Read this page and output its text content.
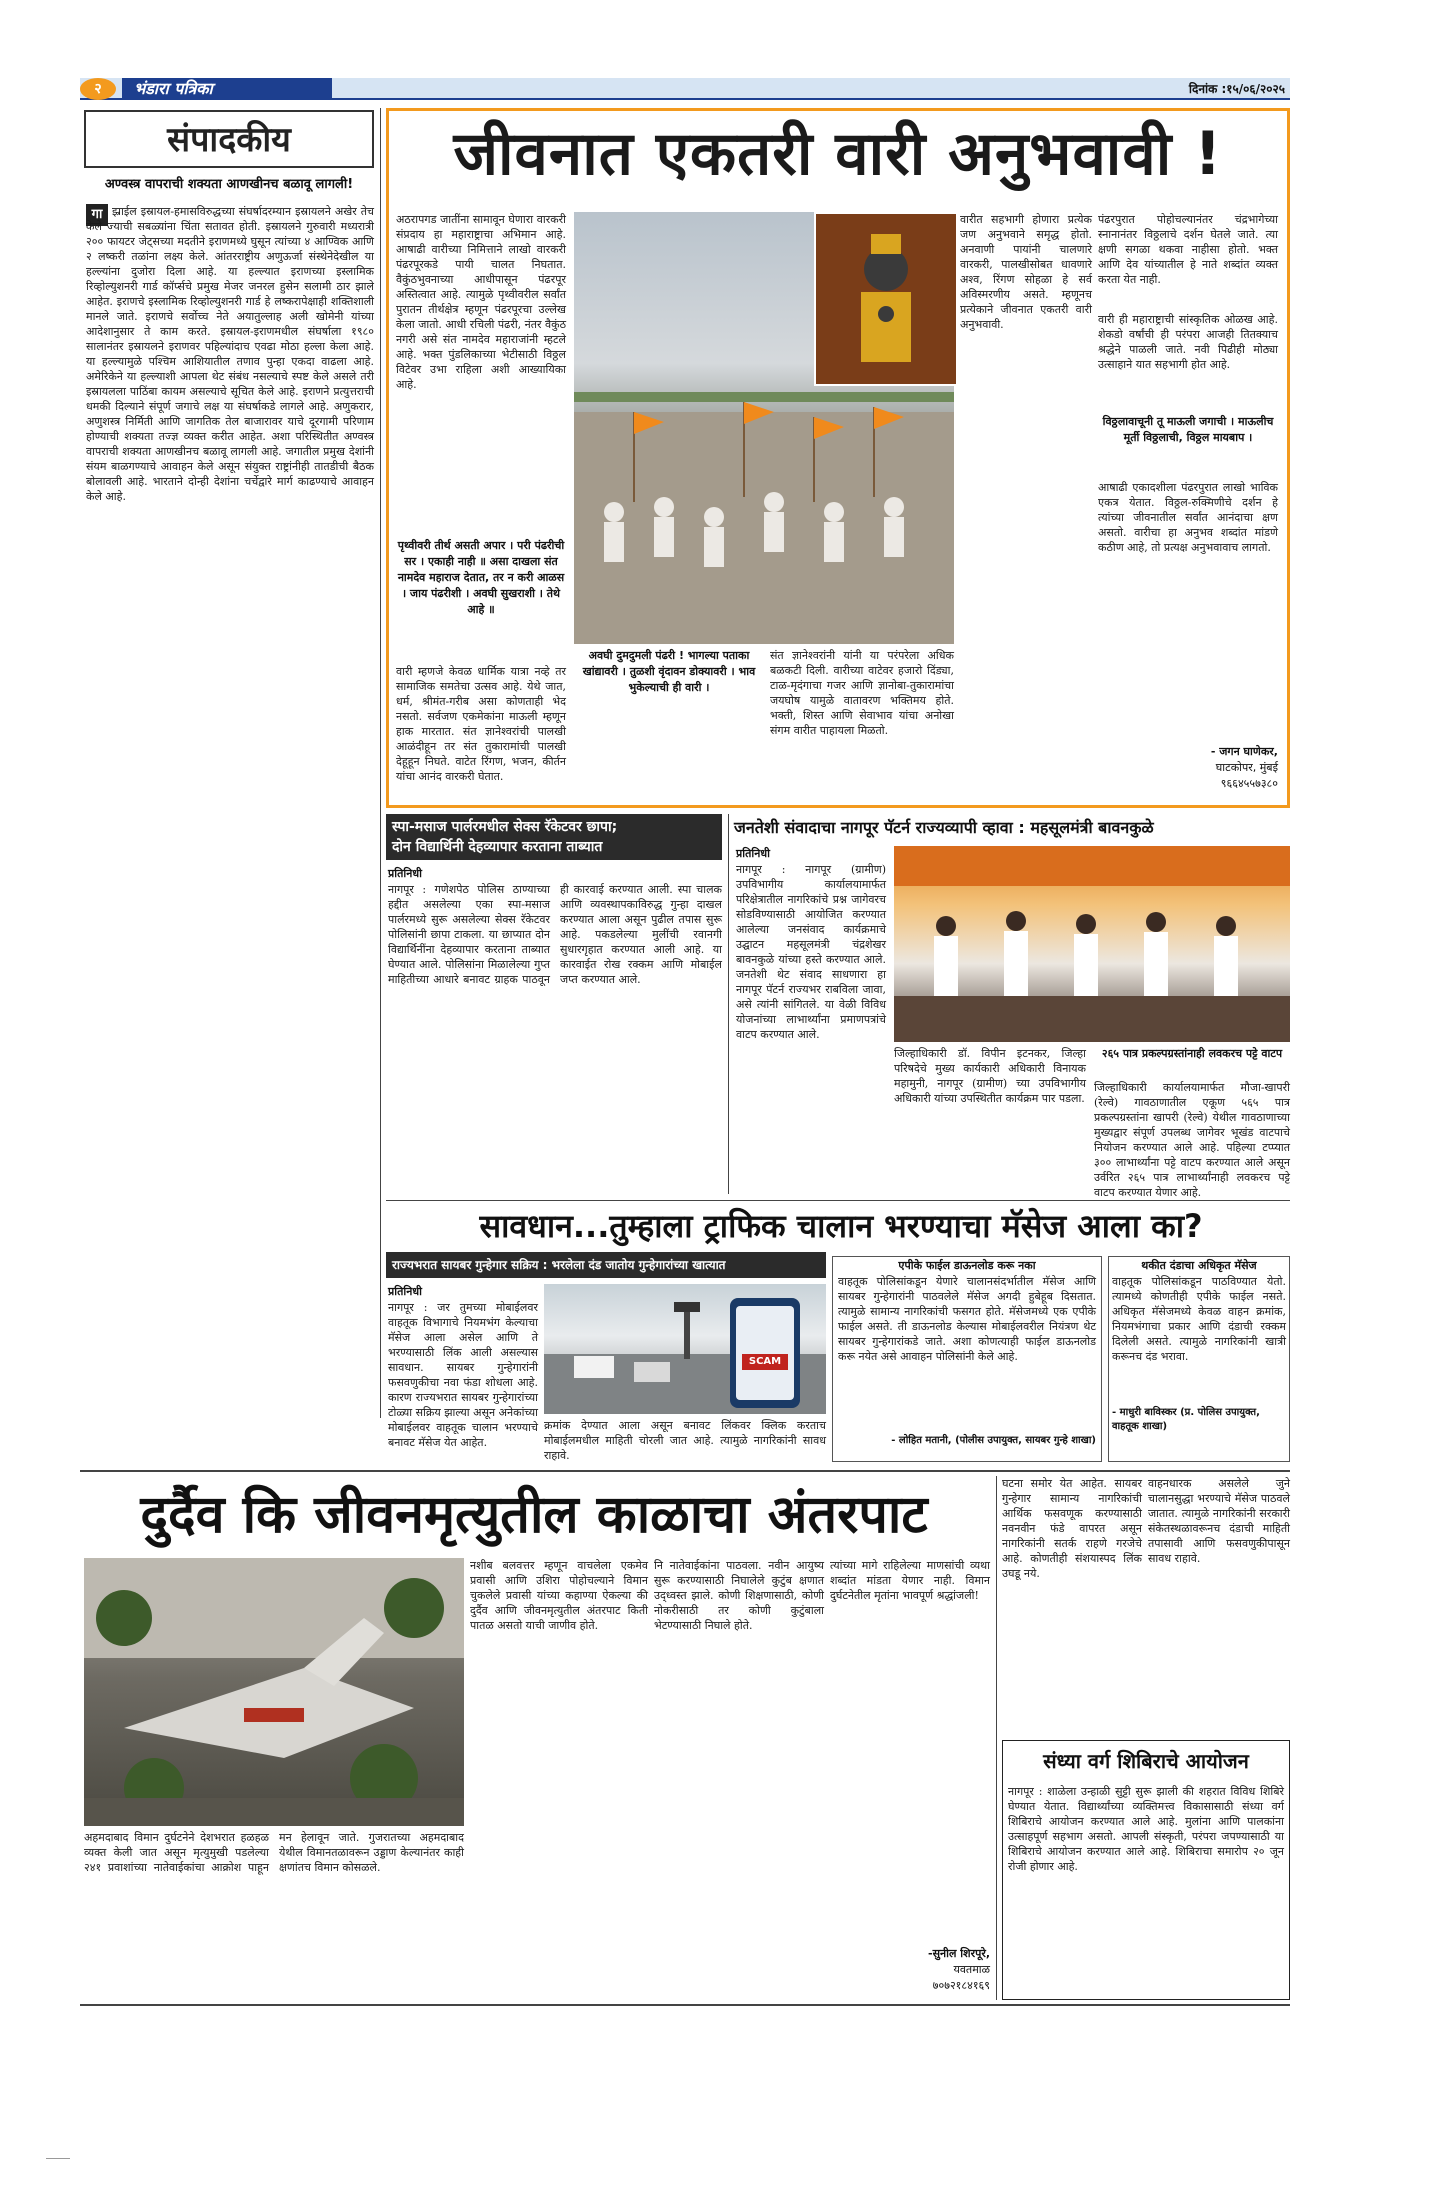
२	भंडारा पत्रिका	दिनांक :१५/०६/२०२५
संपादकीय
अण्वस्त्र वापराची शक्यता आणखीनच बळावू लागली!
गा झ्राईल इस्रायल-हमासविरुद्धच्या संघर्षादरम्यान इस्रायलने अखेर तेच केले ज्याची सबळ्यांना चिंता सतावत होती. इस्रायलने गुरुवारी मध्यरात्री २०० फायटर जेट्सच्या मदतीने इराणमध्ये घुसून त्यांच्या ४ आण्विक आणि २ लष्करी तळांना लक्ष्य केले. आंतरराष्ट्रीय अणुऊर्जा संस्थेनेदेखील या हल्ल्यांना दुजोरा दिला आहे. या हल्ल्यात इराणच्या इस्लामिक रिव्होल्युशनरी गार्ड कॉर्प्सचे प्रमुख मेजर जनरल हुसेन सलामी ठार झाले आहेत. इराणचे इस्लामिक रिव्होल्युशनरी गार्ड हे लष्करापेक्षाही शक्तिशाली मानले जाते. इराणचे सर्वोच्च नेते अयातुल्लाह अली खोमेनी यांच्या आदेशानुसार ते काम करते. इस्रायल-इराणमधील संघर्षाला १९८० सालानंतर इस्रायलने इराणवर पहिल्यांदाच एवढा मोठा हल्ला केला आहे. या हल्ल्यामुळे पश्चिम आशियातील तणाव पुन्हा एकदा वाढला आहे. अमेरिकेने या हल्ल्याशी आपला थेट संबंध नसल्याचे स्पष्ट केले असले तरी इस्रायलला पाठिंबा कायम असल्याचे सूचित केले आहे. इराणने प्रत्युत्तराची धमकी दिल्याने संपूर्ण जगाचे लक्ष या संघर्षाकडे लागले आहे. अणुकरार, अणुशस्त्र निर्मिती आणि जागतिक तेल बाजारावर याचे दूरगामी परिणाम होण्याची शक्यता तज्ज्ञ व्यक्त करीत आहेत. अशा परिस्थितीत अण्वस्त्र वापराची शक्यता आणखीनच बळावू लागली आहे. जगातील प्रमुख देशांनी संयम बाळगण्याचे आवाहन केले असून संयुक्त राष्ट्रांनीही तातडीची बैठक बोलावली आहे. भारताने दोन्ही देशांना चर्चेद्वारे मार्ग काढण्याचे आवाहन केले आहे.
जीवनात एकतरी वारी अनुभवावी !
अठरापगड जातींना सामावून घेणारा वारकरी संप्रदाय हा महाराष्ट्राचा अभिमान आहे. आषाढी वारीच्या निमित्ताने लाखो वारकरी पंढरपूरकडे पायी चालत निघतात. वैकुंठभुवनाच्या आधीपासून पंढरपूर अस्तित्वात आहे. त्यामुळे पृथ्वीवरील सर्वांत पुरातन तीर्थक्षेत्र म्हणून पंढरपूरचा उल्लेख केला जातो. आधी रचिली पंढरी, नंतर वैकुंठ नगरी असे संत नामदेव महाराजांनी म्हटले आहे. भक्त पुंडलिकाच्या भेटीसाठी विठ्ठल विटेवर उभा राहिला अशी आख्यायिका आहे.
अवघी दुमदुमली पंढरी ! भागल्या पताका खांद्यावरी । तुळशी वृंदावन डोक्यावरी । भाव भुकेल्याची ही वारी ।
पृथ्वीवरी तीर्थ असती अपार । परी पंढरीची सर । एकाही नाही ॥ असा दाखला संत नामदेव महाराज देतात, तर न करी आळस । जाय पंढरीशी । अवघी सुखराशी । तेथे आहे ॥
वारी म्हणजे केवळ धार्मिक यात्रा नव्हे तर सामाजिक समतेचा उत्सव आहे. येथे जात, धर्म, श्रीमंत-गरीब असा कोणताही भेद नसतो. सर्वजण एकमेकांना माऊली म्हणून हाक मारतात. संत ज्ञानेश्वरांची पालखी आळंदीहून तर संत तुकारामांची पालखी देहूहून निघते. वाटेत रिंगण, भजन, कीर्तन यांचा आनंद वारकरी घेतात.
संत ज्ञानेश्वरांनी यांनी या परंपरेला अधिक बळकटी दिली. वारीच्या वाटेवर हजारो दिंड्या, टाळ-मृदंगाचा गजर आणि ज्ञानोबा-तुकारामांचा जयघोष यामुळे वातावरण भक्तिमय होते. भक्ती, शिस्त आणि सेवाभाव यांचा अनोखा संगम वारीत पाहायला मिळतो.
वारीत सहभागी होणारा प्रत्येक जण अनुभवाने समृद्ध होतो. अनवाणी पायांनी चालणारे वारकरी, पालखीसोबत धावणारे अश्व, रिंगण सोहळा हे सर्व अविस्मरणीय असते. म्हणूनच प्रत्येकाने जीवनात एकतरी वारी अनुभवावी.
पंढरपुरात पोहोचल्यानंतर चंद्रभागेच्या स्नानानंतर विठ्ठलाचे दर्शन घेतले जाते. त्या क्षणी सगळा थकवा नाहीसा होतो. भक्त आणि देव यांच्यातील हे नाते शब्दांत व्यक्त करता येत नाही.
वारी ही महाराष्ट्राची सांस्कृतिक ओळख आहे. शेकडो वर्षांची ही परंपरा आजही तितक्याच श्रद्धेने पाळली जाते. नवी पिढीही मोठ्या उत्साहाने यात सहभागी होत आहे.
विठ्ठलावाचूनी तू माऊली जगाची । माऊलीच मूर्ती विठ्ठलाची, विठ्ठल मायबाप ।
आषाढी एकादशीला पंढरपुरात लाखो भाविक एकत्र येतात. विठ्ठल-रुक्मिणीचे दर्शन हे त्यांच्या जीवनातील सर्वांत आनंदाचा क्षण असतो. वारीचा हा अनुभव शब्दांत मांडणे कठीण आहे, तो प्रत्यक्ष अनुभवावाच लागतो.
- जगन घाणेकर,
घाटकोपर, मुंबई
९६६४५५७३८०
स्पा-मसाज पार्लरमधील सेक्स रॅकेटवर छापा;
दोन विद्यार्थिनी देहव्यापार करताना ताब्यात
प्रतिनिधी
नागपूर : गणेशपेठ पोलिस ठाण्याच्या हद्दीत असलेल्या एका स्पा-मसाज पार्लरमध्ये सुरू असलेल्या सेक्स रॅकेटवर पोलिसांनी छापा टाकला. या छाप्यात दोन विद्यार्थिनींना देहव्यापार करताना ताब्यात घेण्यात आले. पोलिसांना मिळालेल्या गुप्त माहितीच्या आधारे बनावट ग्राहक पाठवून ही कारवाई करण्यात आली. स्पा चालक आणि व्यवस्थापकाविरुद्ध गुन्हा दाखल करण्यात आला असून पुढील तपास सुरू आहे. पकडलेल्या मुलींची रवानगी सुधारगृहात करण्यात आली आहे. या कारवाईत रोख रक्कम आणि मोबाईल जप्त करण्यात आले.
जनतेशी संवादाचा नागपूर पॅटर्न राज्यव्यापी व्हावा : महसूलमंत्री बावनकुळे
प्रतिनिधी
नागपूर : नागपूर (ग्रामीण) उपविभागीय कार्यालयामार्फत परिक्षेत्रातील नागरिकांचे प्रश्न जागेवरच सोडविण्यासाठी आयोजित करण्यात आलेल्या जनसंवाद कार्यक्रमाचे उद्घाटन महसूलमंत्री चंद्रशेखर बावनकुळे यांच्या हस्ते करण्यात आले. जनतेशी थेट संवाद साधणारा हा नागपूर पॅटर्न राज्यभर राबविला जावा, असे त्यांनी सांगितले. या वेळी विविध योजनांच्या लाभार्थ्यांना प्रमाणपत्रांचे वाटप करण्यात आले.
जिल्हाधिकारी डॉ. विपीन इटनकर, जिल्हा परिषदेचे मुख्य कार्यकारी अधिकारी विनायक महामुनी, नागपूर (ग्रामीण) च्या उपविभागीय अधिकारी यांच्या उपस्थितीत कार्यक्रम पार पडला.
२६५ पात्र प्रकल्पग्रस्तांनाही लवकरच पट्टे वाटप
जिल्हाधिकारी कार्यालयामार्फत मौजा-खापरी (रेल्वे) गावठाणातील एकूण ५६५ पात्र प्रकल्पग्रस्तांना खापरी (रेल्वे) येथील गावठाणाच्या मुख्यद्वार संपूर्ण उपलब्ध जागेवर भूखंड वाटपाचे नियोजन करण्यात आले आहे. पहिल्या टप्प्यात ३०० लाभार्थ्यांना पट्टे वाटप करण्यात आले असून उर्वरित २६५ पात्र लाभार्थ्यांनाही लवकरच पट्टे वाटप करण्यात येणार आहे.
सावधान...तुम्हाला ट्राफिक चालान भरण्याचा मॅसेज आला का?
राज्यभरात सायबर गुन्हेगार सक्रिय : भरलेला दंड जातोय गुन्हेगारांच्या खात्यात
प्रतिनिधी
नागपूर : जर तुमच्या मोबाईलवर वाहतूक विभागाचे नियमभंग केल्याचा मॅसेज आला असेल आणि ते भरण्यासाठी लिंक आली असल्यास सावधान. सायबर गुन्हेगारांनी फसवणुकीचा नवा फंडा शोधला आहे. कारण राज्यभरात सायबर गुन्हेगारांच्या टोळ्या सक्रिय झाल्या असून अनेकांच्या मोबाईलवर वाहतूक चालान भरण्याचे बनावट मॅसेज येत आहेत.
SCAM
क्रमांक देण्यात आला असून बनावट लिंकवर क्लिक करताच मोबाईलमधील माहिती चोरली जात आहे. त्यामुळे नागरिकांनी सावध राहावे.
एपीके फाईल डाऊनलोड करू नका
वाहतूक पोलिसांकडून येणारे चालानसंदर्भातील मॅसेज आणि सायबर गुन्हेगारांनी पाठवलेले मॅसेज अगदी हुबेहूब दिसतात. त्यामुळे सामान्य नागरिकांची फसगत होते. मॅसेजमध्ये एक एपीके फाईल असते. ती डाऊनलोड केल्यास मोबाईलवरील नियंत्रण थेट सायबर गुन्हेगारांकडे जाते. अशा कोणत्याही फाईल डाऊनलोड करू नयेत असे आवाहन पोलिसांनी केले आहे.
- लोहित मतानी, (पोलीस उपायुक्त, सायबर गुन्हे शाखा)
थकीत दंडाचा अधिकृत मॅसेज
वाहतूक पोलिसांकडून पाठविण्यात येतो. त्यामध्ये कोणतीही एपीके फाईल नसते. अधिकृत मॅसेजमध्ये केवळ वाहन क्रमांक, नियमभंगाचा प्रकार आणि दंडाची रक्कम दिलेली असते. त्यामुळे नागरिकांनी खात्री करूनच दंड भरावा.
- माधुरी बाविस्कर (प्र. पोलिस उपायुक्त, वाहतूक शाखा)
दुर्दैव कि जीवनमृत्युतील काळाचा अंतरपाट
अहमदाबाद विमान दुर्घटनेने देशभरात हळहळ व्यक्त केली जात असून मृत्युमुखी पडलेल्या २४१ प्रवाशांच्या नातेवाईकांचा आक्रोश पाहून मन हेलावून जाते. गुजरातच्या अहमदाबाद येथील विमानतळावरून उड्डाण केल्यानंतर काही क्षणांतच विमान कोसळले.
नशीब बलवत्तर म्हणून वाचलेला एकमेव प्रवासी आणि उशिरा पोहोचल्याने विमान चुकलेले प्रवासी यांच्या कहाण्या ऐकल्या की दुर्दैव आणि जीवनमृत्युतील अंतरपाट किती पातळ असतो याची जाणीव होते.
नि नातेवाईकांना पाठवला. नवीन आयुष्य सुरू करण्यासाठी निघालेले कुटुंब क्षणात उद्ध्वस्त झाले. कोणी शिक्षणासाठी, कोणी नोकरीसाठी तर कोणी कुटुंबाला भेटण्यासाठी निघाले होते.
त्यांच्या मागे राहिलेल्या माणसांची व्यथा शब्दांत मांडता येणार नाही. विमान दुर्घटनेतील मृतांना भावपूर्ण श्रद्धांजली!
-सुनील शिरपूरे,
यवतमाळ
७०७२१८४१६९
घटना समोर येत आहेत. सायबर गुन्हेगार सामान्य नागरिकांची आर्थिक फसवणूक करण्यासाठी नवनवीन फंडे वापरत असून नागरिकांनी सतर्क राहणे गरजेचे आहे. कोणतीही संशयास्पद लिंक उघडू नये.
वाहनधारक असलेले जुने चालानसुद्धा भरण्याचे मॅसेज पाठवले जातात. त्यामुळे नागरिकांनी सरकारी संकेतस्थळावरूनच दंडाची माहिती तपासावी आणि फसवणुकीपासून सावध राहावे.
संध्या वर्ग शिबिराचे आयोजन
नागपूर : शाळेला उन्हाळी सुट्टी सुरू झाली की शहरात विविध शिबिरे घेण्यात येतात. विद्यार्थ्यांच्या व्यक्तिमत्त्व विकासासाठी संध्या वर्ग शिबिराचे आयोजन करण्यात आले आहे. मुलांना आणि पालकांना उत्साहपूर्ण सहभाग असतो. आपली संस्कृती, परंपरा जपण्यासाठी या शिबिराचे आयोजन करण्यात आले आहे. शिबिराचा समारोप २० जून रोजी होणार आहे.
